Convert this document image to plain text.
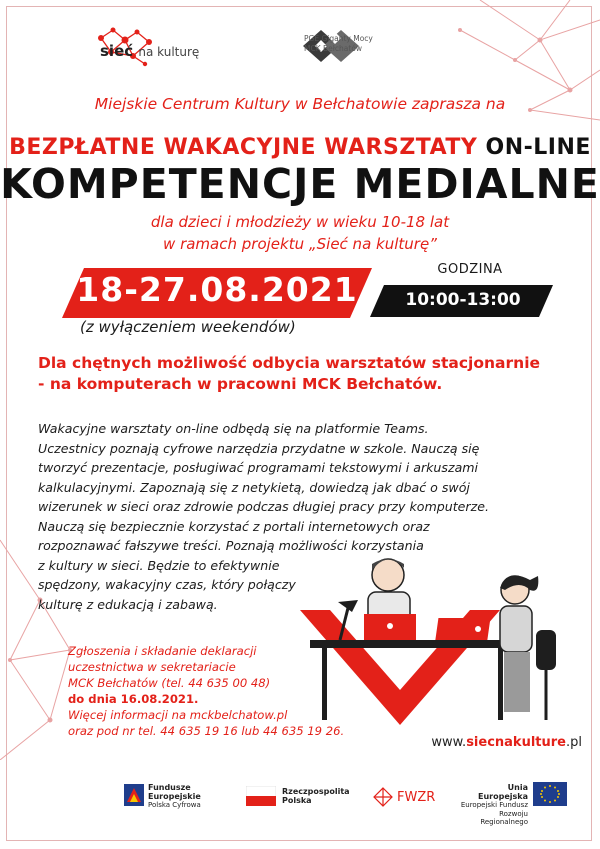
sieć na kulturę
PGE Giganty Mocy
MCK Bełchatów
Miejskie Centrum Kultury w Bełchatowie zaprasza na
BEZPŁATNE WAKACYJNE WARSZTATY ON-LINE
KOMPETENCJE MEDIALNE
dla dzieci i młodzieży w wieku 10-18 lat
w ramach projektu „Sieć na kulturę”
18-27.08.2021
GODZINA
10:00-13:00
(z wyłączeniem weekendów)
Dla chętnych możliwość odbycia warsztatów stacjonarnie
- na komputerach w pracowni MCK Bełchatów.
Wakacyjne warsztaty on-line odbędą się na platformie Teams.
Uczestnicy poznają cyfrowe narzędzia przydatne w szkole. Nauczą się
tworzyć prezentacje, posługiwać programami tekstowymi i arkuszami
kalkulacyjnymi. Zapoznają się z netykietą, dowiedzą jak dbać o swój
wizerunek w sieci oraz zdrowie podczas długiej pracy przy komputerze.
Nauczą się bezpiecznie korzystać z portali internetowych oraz
rozpoznawać fałszywe treści. Poznają możliwości korzystania
z kultury w sieci. Będzie to efektywnie
spędzony, wakacyjny czas, który połączy
kulturę z edukacją i zabawą.
Zgłoszenia i składanie deklaracji
uczestnictwa w sekretariacie
MCK Bełchatów (tel. 44 635 00 48)
do dnia 16.08.2021.
Więcej informacji na mckbelchatow.pl
oraz pod nr tel. 44 635 19 16 lub 44 635 19 26.
www.siecnakulture.pl
Fundusze
Europejskie
Polska Cyfrowa
Rzeczpospolita
Polska	FWZR
Unia Europejska
Europejski Fundusz
Rozwoju Regionalnego
